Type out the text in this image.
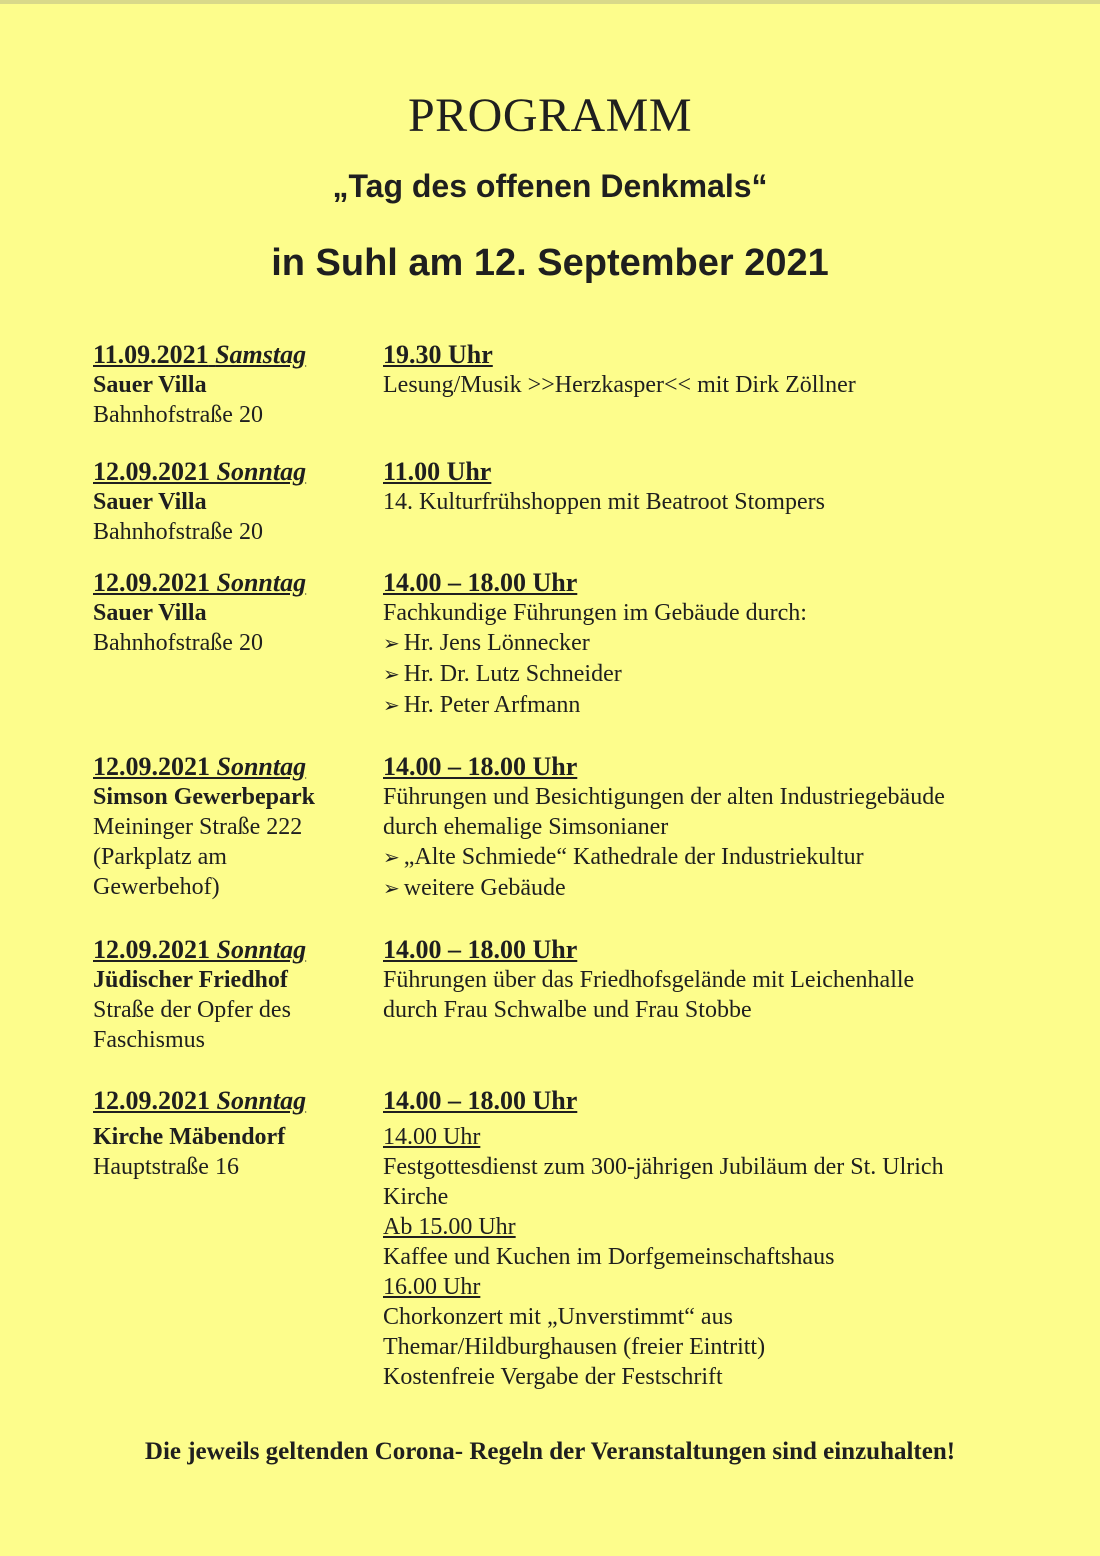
PROGRAMM
„Tag des offenen Denkmals“
in Suhl am 12. September 2021
11.09.2021 Samstag
Sauer Villa
Bahnhofstraße 20
19.30 Uhr
Lesung/Musik >>Herzkasper<< mit Dirk Zöllner
12.09.2021 Sonntag
Sauer Villa
Bahnhofstraße 20
11.00 Uhr
14. Kulturfrühshoppen mit Beatroot Stompers
12.09.2021 Sonntag
Sauer Villa
Bahnhofstraße 20
14.00 – 18.00 Uhr
Fachkundige Führungen im Gebäude durch:
➢ Hr. Jens Lönnecker
➢ Hr. Dr. Lutz Schneider
➢ Hr. Peter Arfmann
12.09.2021 Sonntag
Simson Gewerbepark
Meininger Straße 222
(Parkplatz am
Gewerbehof)
14.00 – 18.00 Uhr
Führungen und Besichtigungen der alten Industriegebäude
durch ehemalige Simsonianer
➢ „Alte Schmiede“ Kathedrale der Industriekultur
➢ weitere Gebäude
12.09.2021 Sonntag
Jüdischer Friedhof
Straße der Opfer des
Faschismus
14.00 – 18.00 Uhr
Führungen über das Friedhofsgelände mit Leichenhalle
durch Frau Schwalbe und Frau Stobbe
12.09.2021 Sonntag
Kirche Mäbendorf
Hauptstraße 16
14.00 – 18.00 Uhr
14.00 Uhr
Festgottesdienst zum 300-jährigen Jubiläum der St. Ulrich
Kirche
Ab 15.00 Uhr
Kaffee und Kuchen im Dorfgemeinschaftshaus
16.00 Uhr
Chorkonzert mit „Unverstimmt“ aus
Themar/Hildburghausen (freier Eintritt)
Kostenfreie Vergabe der Festschrift
Die jeweils geltenden Corona- Regeln der Veranstaltungen sind einzuhalten!
